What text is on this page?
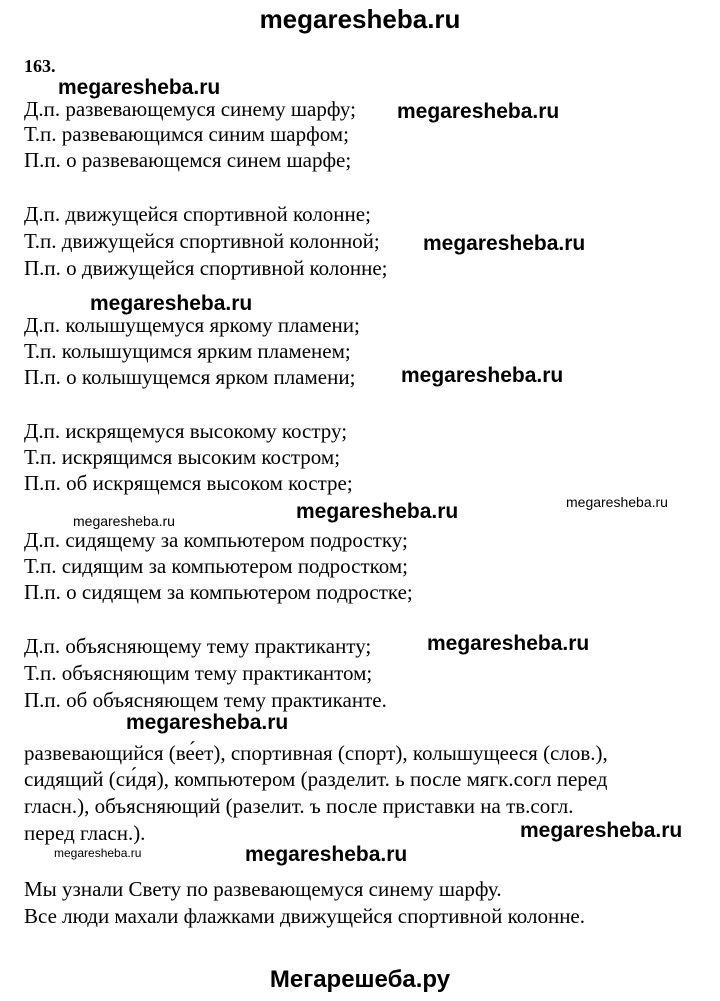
megaresheba.ru
163.
Д.п. развевающемуся синему шарфу;
Т.п. развевающимся синим шарфом;
П.п. о развевающемся синем шарфе;
Д.п. движущейся спортивной колонне;
Т.п. движущейся спортивной колонной;
П.п. о движущейся спортивной колонне;
Д.п. колышущемуся яркому пламени;
Т.п. колышущимся ярким пламенем;
П.п. о колышущемся ярком пламени;
Д.п. искрящемуся высокому костру;
Т.п. искрящимся высоким костром;
П.п. об искрящемся высоком костре;
Д.п. сидящему за компьютером подростку;
Т.п. сидящим за компьютером подростком;
П.п. о сидящем за компьютером подростке;
Д.п. объясняющему тему практиканту;
Т.п. объясняющим тему практикантом;
П.п. об объясняющем тему практиканте.
развевающийся (ве́ет), спортивная (спорт), колышущееся (слов.),
сидящий (си́дя), компьютером (разделит. ь после мягк.согл перед
гласн.), объясняющий (разелит. ъ после приставки на тв.согл.
перед гласн.).
Мы узнали Свету по развевающемуся синему шарфу.
Все люди махали флажками движущейся спортивной колонне.
megaresheba.ru
megaresheba.ru
megaresheba.ru
megaresheba.ru
megaresheba.ru
megaresheba.ru
megaresheba.ru	megaresheba.ru
megaresheba.ru
megaresheba.ru
megaresheba.ru
megaresheba.ru	megaresheba.ru
Мегарешеба.ру
